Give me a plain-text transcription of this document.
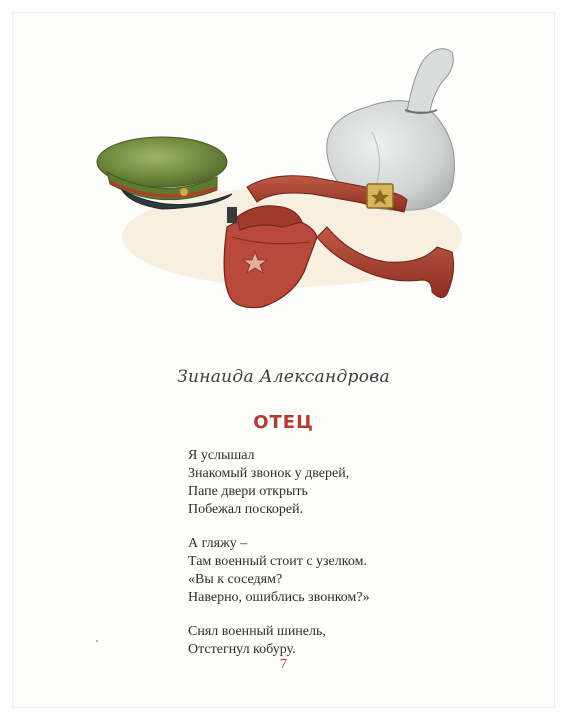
Зинаида Александрова
ОТЕЦ
Я услышал
Знакомый звонок у дверей,
Папе двери открыть
Побежал поскорей.
А гляжу –
Там военный стоит с узелком.
«Вы к соседям?
Наверно, ошиблись звонком?»
Снял военный шинель,
Отстегнул кобуру.
7
